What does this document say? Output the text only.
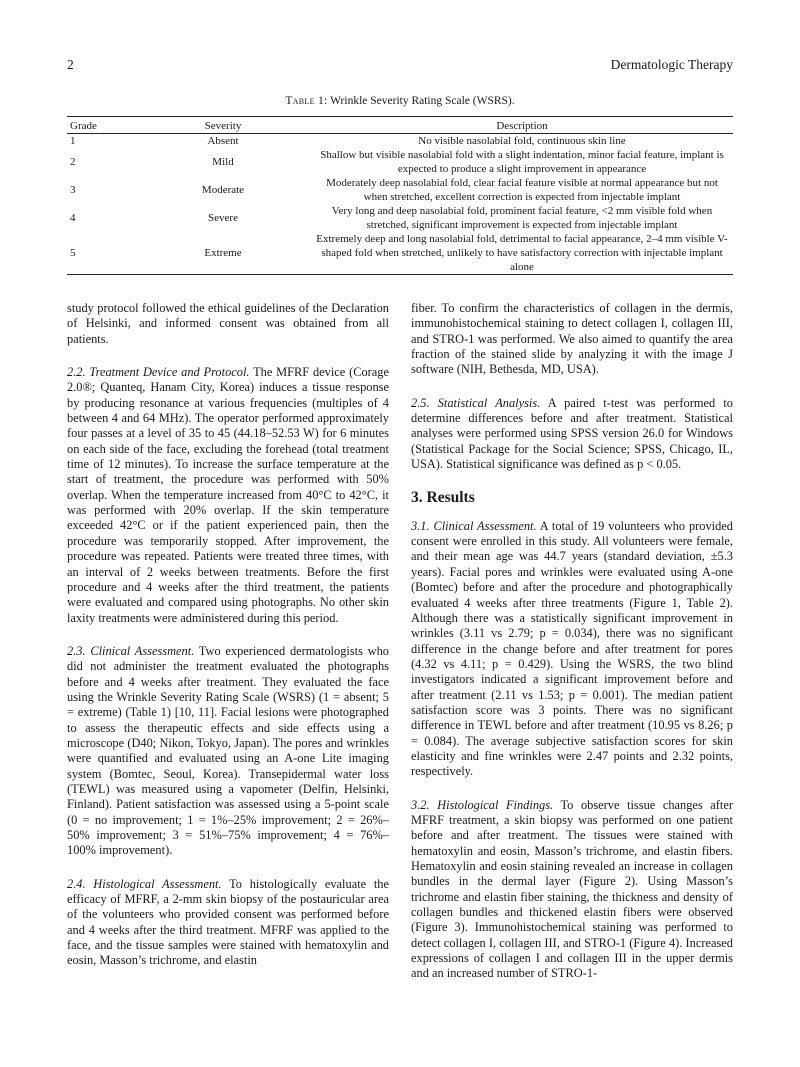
2	Dermatologic Therapy
Table 1: Wrinkle Severity Rating Scale (WSRS).
Grade	Severity	Description
1	Absent	No visible nasolabial fold, continuous skin line
2	Mild	Shallow but visible nasolabial fold with a slight indentation, minor facial feature, implant is expected to produce a slight improvement in appearance
3	Moderate	Moderately deep nasolabial fold, clear facial feature visible at normal appearance but not when stretched, excellent correction is expected from injectable implant
4	Severe	Very long and deep nasolabial fold, prominent facial feature, <2 mm visible fold when stretched, significant improvement is expected from injectable implant
5	Extreme	Extremely deep and long nasolabial fold, detrimental to facial appearance, 2–4 mm visible V-shaped fold when stretched, unlikely to have satisfactory correction with injectable implant alone

study protocol followed the ethical guidelines of the Declaration of Helsinki, and informed consent was obtained from all patients.

2.2. Treatment Device and Protocol. The MFRF device (Corage 2.0®; Quanteq, Hanam City, Korea) induces a tissue response by producing resonance at various frequencies (multiples of 4 between 4 and 64 MHz). The operator performed approximately four passes at a level of 35 to 45 (44.18–52.53 W) for 6 minutes on each side of the face, excluding the forehead (total treatment time of 12 minutes). To increase the surface temperature at the start of treatment, the procedure was performed with 50% overlap. When the temperature increased from 40°C to 42°C, it was performed with 20% overlap. If the skin temperature exceeded 42°C or if the patient experienced pain, then the procedure was temporarily stopped. After improvement, the procedure was repeated. Patients were treated three times, with an interval of 2 weeks between treatments. Before the first procedure and 4 weeks after the third treatment, the patients were evaluated and compared using photographs. No other skin laxity treatments were administered during this period.

2.3. Clinical Assessment. Two experienced dermatologists who did not administer the treatment evaluated the photographs before and 4 weeks after treatment. They evaluated the face using the Wrinkle Severity Rating Scale (WSRS) (1 = absent; 5 = extreme) (Table 1) [10, 11]. Facial lesions were photographed to assess the therapeutic effects and side effects using a microscope (D40; Nikon, Tokyo, Japan). The pores and wrinkles were quantified and evaluated using an A-one Lite imaging system (Bomtec, Seoul, Korea). Transepidermal water loss (TEWL) was measured using a vapometer (Delfin, Helsinki, Finland). Patient satisfaction was assessed using a 5-point scale (0 = no improvement; 1 = 1%–25% improvement; 2 = 26%–50% improvement; 3 = 51%–75% improvement; 4 = 76%–100% improvement).

2.4. Histological Assessment. To histologically evaluate the efficacy of MFRF, a 2-mm skin biopsy of the postauricular area of the volunteers who provided consent was performed before and 4 weeks after the third treatment. MFRF was applied to the face, and the tissue samples were stained with hematoxylin and eosin, Masson’s trichrome, and elastin

fiber. To confirm the characteristics of collagen in the dermis, immunohistochemical staining to detect collagen I, collagen III, and STRO-1 was performed. We also aimed to quantify the area fraction of the stained slide by analyzing it with the image J software (NIH, Bethesda, MD, USA).

2.5. Statistical Analysis. A paired t-test was performed to determine differences before and after treatment. Statistical analyses were performed using SPSS version 26.0 for Windows (Statistical Package for the Social Science; SPSS, Chicago, IL, USA). Statistical significance was defined as p < 0.05.

3. Results

3.1. Clinical Assessment. A total of 19 volunteers who provided consent were enrolled in this study. All volunteers were female, and their mean age was 44.7 years (standard deviation, ±5.3 years). Facial pores and wrinkles were evaluated using A-one (Bomtec) before and after the procedure and photographically evaluated 4 weeks after three treatments (Figure 1, Table 2). Although there was a statistically significant improvement in wrinkles (3.11 vs 2.79; p = 0.034), there was no significant difference in the change before and after treatment for pores (4.32 vs 4.11; p = 0.429). Using the WSRS, the two blind investigators indicated a significant improvement before and after treatment (2.11 vs 1.53; p = 0.001). The median patient satisfaction score was 3 points. There was no significant difference in TEWL before and after treatment (10.95 vs 8.26; p = 0.084). The average subjective satisfaction scores for skin elasticity and fine wrinkles were 2.47 points and 2.32 points, respectively.

3.2. Histological Findings. To observe tissue changes after MFRF treatment, a skin biopsy was performed on one patient before and after treatment. The tissues were stained with hematoxylin and eosin, Masson’s trichrome, and elastin fibers. Hematoxylin and eosin staining revealed an increase in collagen bundles in the dermal layer (Figure 2). Using Masson’s trichrome and elastin fiber staining, the thickness and density of collagen bundles and thickened elastin fibers were observed (Figure 3). Immunohistochemical staining was performed to detect collagen I, collagen III, and STRO-1 (Figure 4). Increased expressions of collagen I and collagen III in the upper dermis and an increased number of STRO-1-
